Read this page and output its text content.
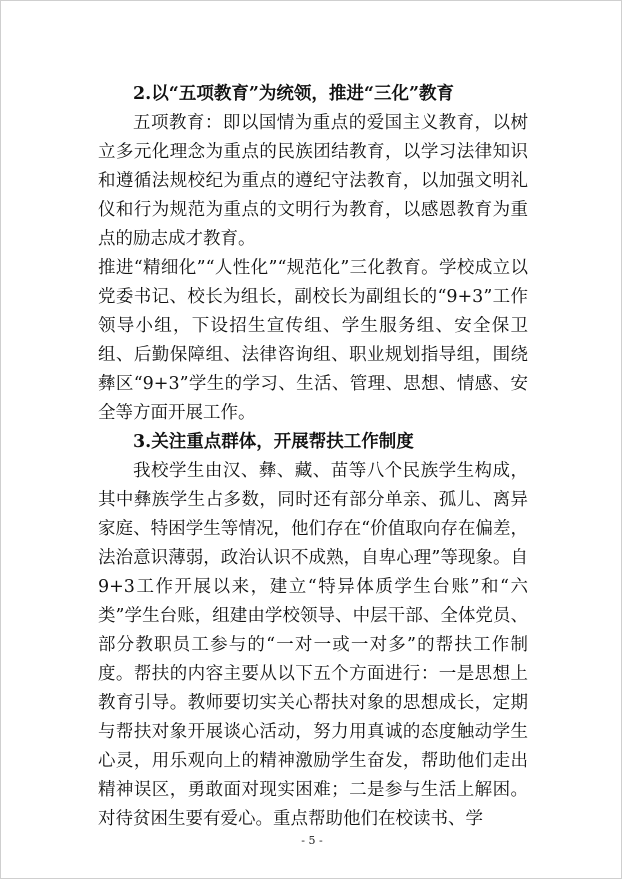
2.以“五项教育”为统领，推进“三化”教育

五项教育：即以国情为重点的爱国主义教育，以树立多元化理念为重点的民族团结教育，以学习法律知识和遵循法规校纪为重点的遵纪守法教育，以加强文明礼仪和行为规范为重点的文明行为教育，以感恩教育为重点的励志成才教育。

推进“精细化”“人性化”“规范化”三化教育。学校成立以党委书记、校长为组长，副校长为副组长的“9+3”工作领导小组，下设招生宣传组、学生服务组、安全保卫组、后勤保障组、法律咨询组、职业规划指导组，围绕彝区“9+3”学生的学习、生活、管理、思想、情感、安全等方面开展工作。

3.关注重点群体，开展帮扶工作制度

我校学生由汉、彝、藏、苗等八个民族学生构成，其中彝族学生占多数，同时还有部分单亲、孤儿、离异家庭、特困学生等情况，他们存在“价值取向存在偏差，法治意识薄弱，政治认识不成熟，自卑心理”等现象。自9+3工作开展以来，建立“特异体质学生台账”和“六类”学生台账，组建由学校领导、中层干部、全体党员、部分教职员工参与的“一对一或一对多”的帮扶工作制度。帮扶的内容主要从以下五个方面进行：一是思想上教育引导。教师要切实关心帮扶对象的思想成长，定期与帮扶对象开展谈心活动，努力用真诚的态度触动学生心灵，用乐观向上的精神激励学生奋发，帮助他们走出精神误区，勇敢面对现实困难；二是参与生活上解困。对待贫困生要有爱心。重点帮助他们在校读书、学

- 5 -
